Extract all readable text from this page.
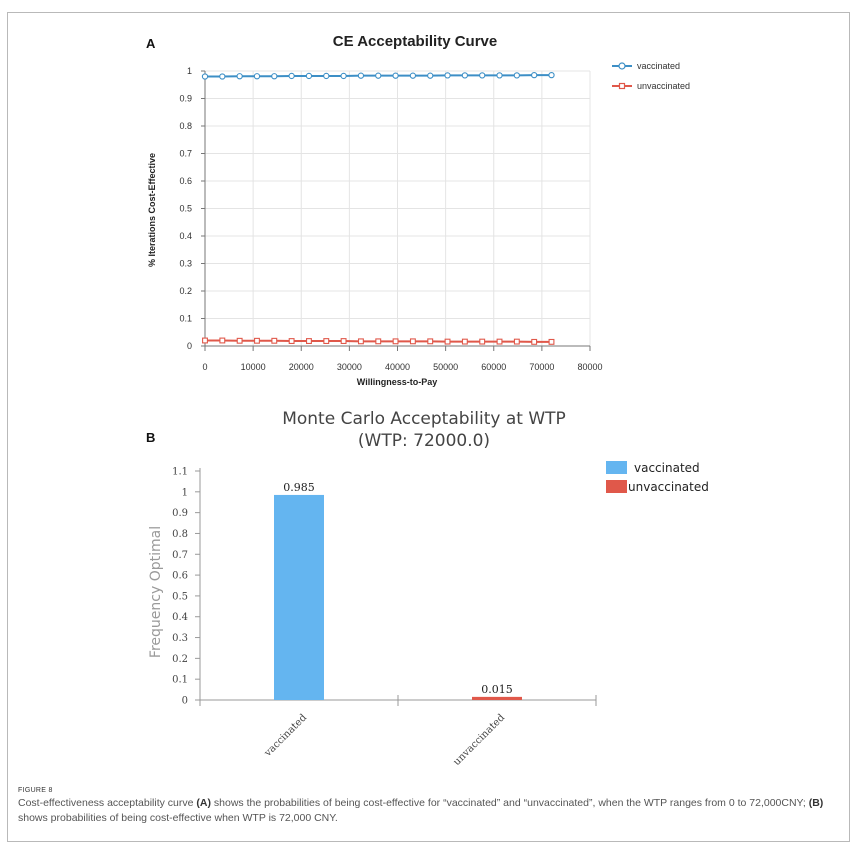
A	CE Acceptability Curve
0	10000	20000	30000	40000	50000	60000	70000	80000
0
0.1
0.2
0.3
0.4
0.5
0.6
0.7
0.8
0.9
1
Willingness-to-Pay
% Iterations Cost-Effective
vaccinated
unvaccinated
B
Monte Carlo Acceptability at WTP
(WTP: 72000.0)
0
0.1
0.2
0.3
0.4
0.5
0.6
0.7
0.8
0.9
1
1.1
Frequency Optimal
0.985
vaccinated
0.015
unvaccinated
vaccinated
unvaccinated
FIGURE 8
Cost-effectiveness acceptability curve (A) shows the probabilities of being cost-effective for “vaccinated” and “unvaccinated”, when the WTP ranges from 0 to 72,000CNY; (B) shows probabilities of being cost-effective when WTP is 72,000 CNY.
